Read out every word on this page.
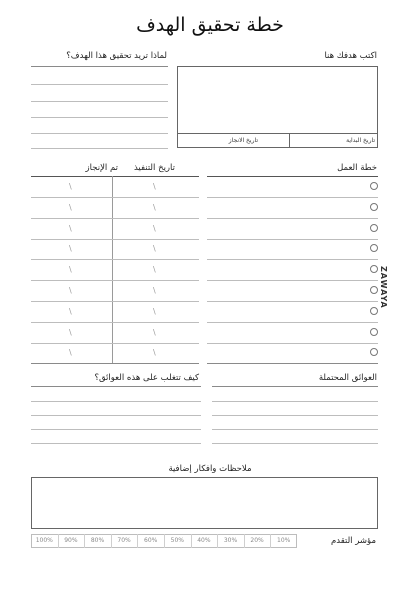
خطة تحقيق الهدف
اكتب هدفك هنا
تاريخ البداية
تاريخ الانجاز
لماذا تريد تحقيق هذا الهدف؟
خطة العمل
تاريخ التنفيذ
تم الإنجاز
\	\
\	\
\	\
\	\
\	\
\	\
\	\
\	\
\	\
ZAWAYA
العوائق المحتملة
كيف تتغلب على هذه العوائق؟
ملاحظات وافكار إضافية
مؤشر التقدم
100%	90%	80%	70%	60%	50%	40%	30%	20%	10%
